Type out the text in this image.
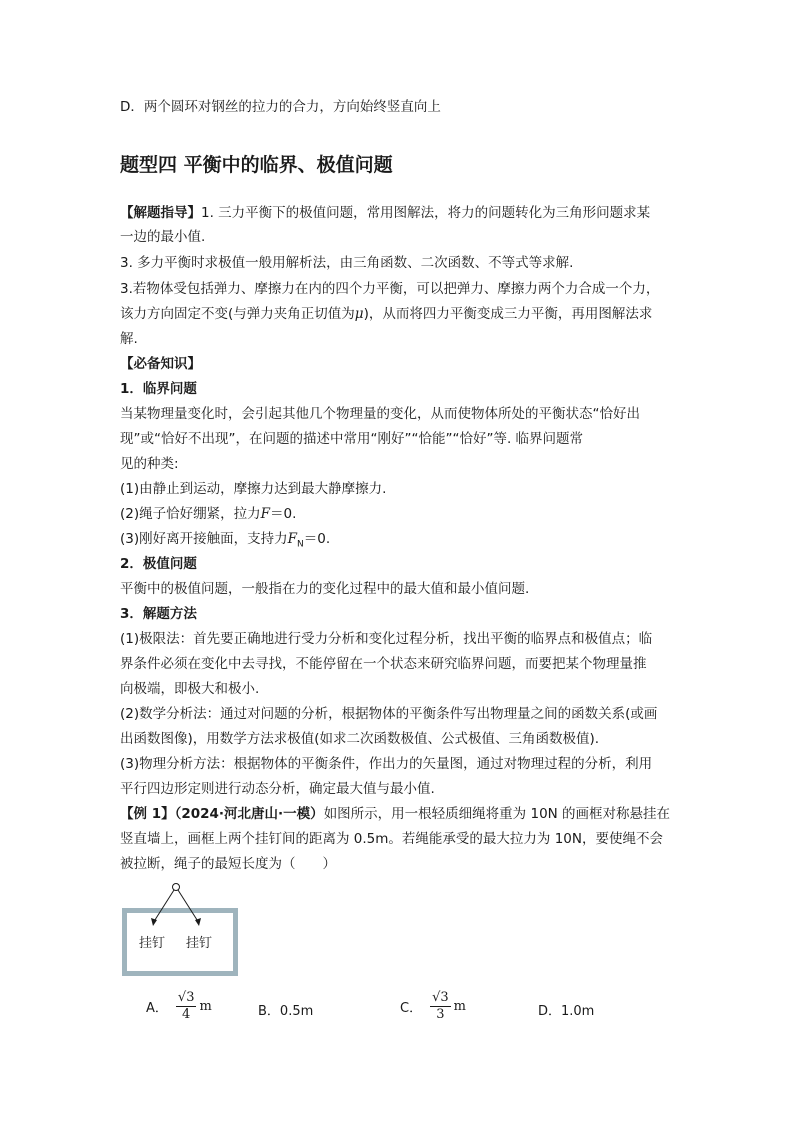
D．两个圆环对钢丝的拉力的合力，方向始终竖直向上
题型四 平衡中的临界、极值问题
【解题指导】1. 三力平衡下的极值问题，常用图解法，将力的问题转化为三角形问题求某
一边的最小值.
3. 多力平衡时求极值一般用解析法，由三角函数、二次函数、不等式等求解.
3.若物体受包括弹力、摩擦力在内的四个力平衡，可以把弹力、摩擦力两个力合成一个力，
该力方向固定不变(与弹力夹角正切值为μ)，从而将四力平衡变成三力平衡，再用图解法求
解.
【必备知识】
1．临界问题
当某物理量变化时，会引起其他几个物理量的变化，从而使物体所处的平衡状态“恰好出
现”或“恰好不出现”，在问题的描述中常用“刚好”“恰能”“恰好”等. 临界问题常
见的种类:
(1)由静止到运动，摩擦力达到最大静摩擦力.
(2)绳子恰好绷紧，拉力F＝0.
(3)刚好离开接触面，支持力$F_N=0$.
2．极值问题
平衡中的极值问题，一般指在力的变化过程中的最大值和最小值问题.
3．解题方法
(1)极限法：首先要正确地进行受力分析和变化过程分析，找出平衡的临界点和极值点；临
界条件必须在变化中去寻找，不能停留在一个状态来研究临界问题，而要把某个物理量推
向极端，即极大和极小.
(2)数学分析法：通过对问题的分析，根据物体的平衡条件写出物理量之间的函数关系(或画
出函数图像)，用数学方法求极值(如求二次函数极值、公式极值、三角函数极值).
(3)物理分析方法：根据物体的平衡条件，作出力的矢量图，通过对物理过程的分析，利用
平行四边形定则进行动态分析，确定最大值与最小值.
【例 1】（2024·河北唐山·一模）如图所示，用一根轻质细绳将重为 10N 的画框对称悬挂在
竖直墙上，画框上两个挂钉间的距离为 0.5m。若绳能承受的最大拉力为 10N，要使绳不会
被拉断，绳子的最短长度为（　　）
挂钉 挂钉
A． $\frac{√3}{4}$ m	B．0.5m	C． $\frac{√3}{3}$ m	D．1.0m
